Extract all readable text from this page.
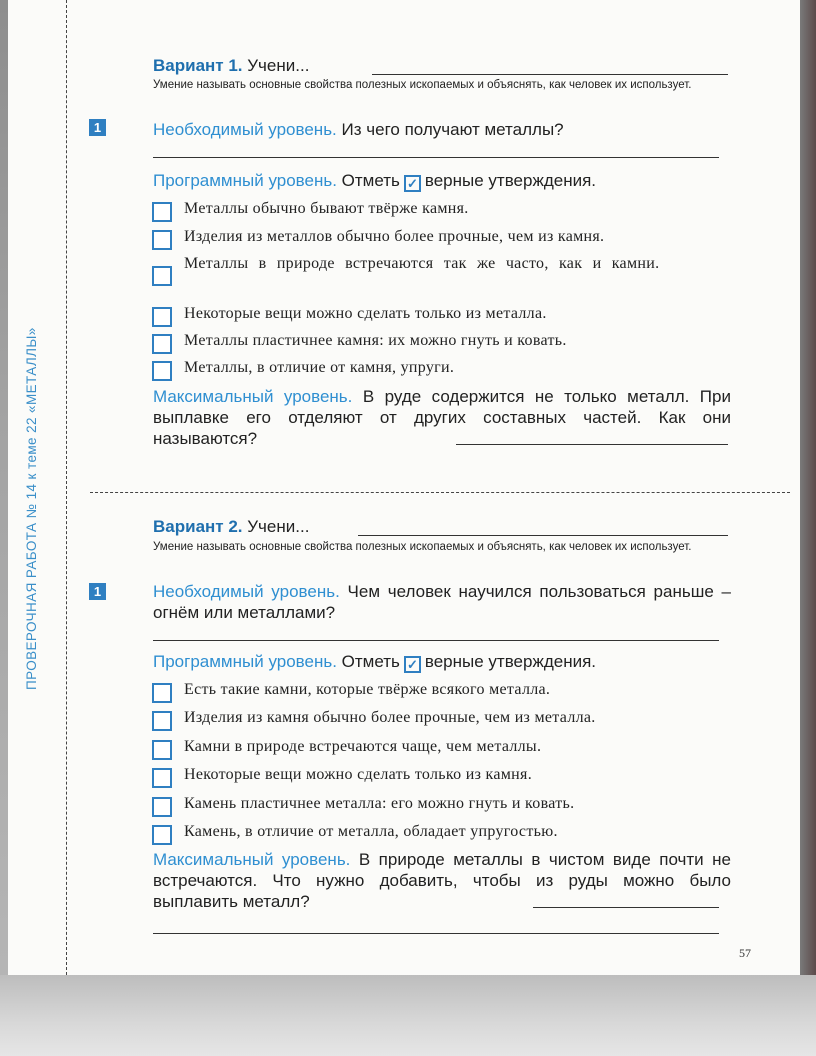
ПРОВЕРОЧНАЯ РАБОТА № 14 к теме 22 «МЕТАЛЛЫ»
Вариант 1. Учени...
Умение называть основные свойства полезных ископаемых и объяснять, как человек их использует.
1	Необходимый уровень. Из чего получают металлы?
Программный уровень. Отметь ✓ верные утверждения.
Металлы обычно бывают твёрже камня.
Изделия из металлов обычно более прочные, чем из камня.
Металлы в природе встречаются так же часто, как и камни.
Некоторые вещи можно сделать только из металла.
Металлы пластичнее камня: их можно гнуть и ковать.
Металлы, в отличие от камня, упруги.
Максимальный уровень. В руде содержится не только металл. При выплавке его отделяют от других составных частей. Как они называются?
Вариант 2. Учени...
Умение называть основные свойства полезных ископаемых и объяснять, как человек их использует.
1	Необходимый уровень. Чем человек научился пользоваться раньше – огнём или металлами?
Программный уровень. Отметь ✓ верные утверждения.
Есть такие камни, которые твёрже всякого металла.
Изделия из камня обычно более прочные, чем из металла.
Камни в природе встречаются чаще, чем металлы.
Некоторые вещи можно сделать только из камня.
Камень пластичнее металла: его можно гнуть и ковать.
Камень, в отличие от металла, обладает упругостью.
Максимальный уровень. В природе металлы в чистом виде почти не встречаются. Что нужно добавить, чтобы из руды можно было выплавить металл?
57
